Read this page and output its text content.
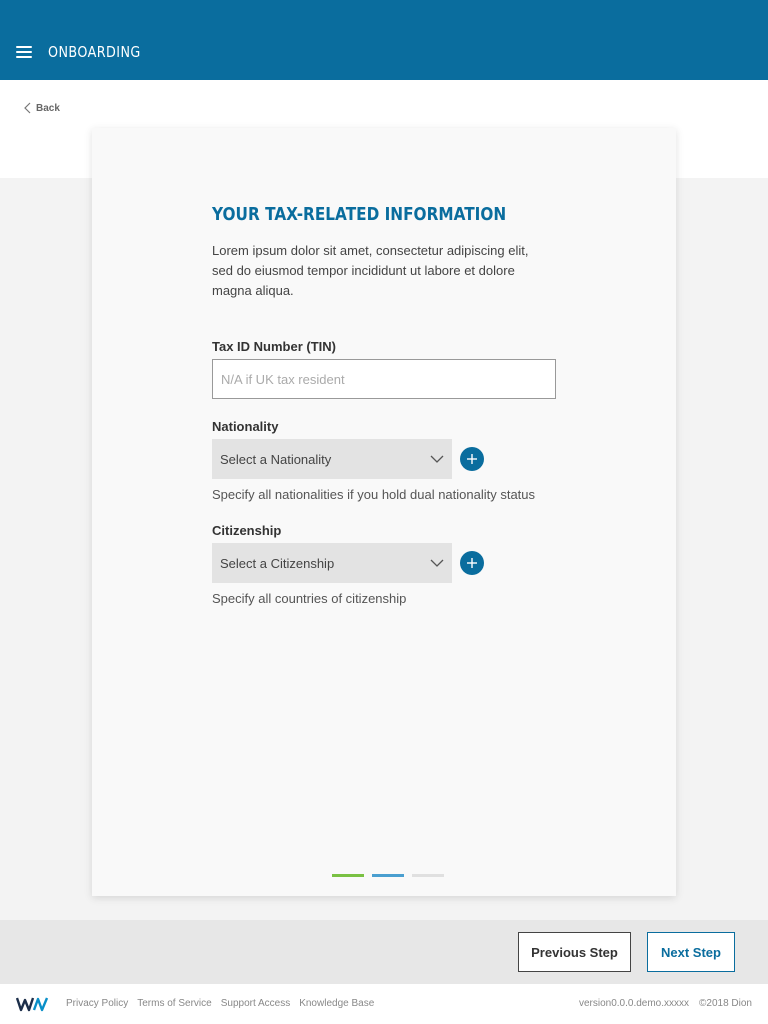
ONBOARDING
Back
YOUR TAX-RELATED INFORMATION

Lorem ipsum dolor sit amet, consectetur adipiscing elit, sed do eiusmod tempor incididunt ut labore et dolore magna aliqua.

Tax ID Number (TIN)
N/A if UK tax resident
Nationality
Select a Nationality

Specify all nationalities if you hold dual nationality status

Citizenship
Select a Citizenship

Specify all countries of citizenship

Previous Step	Next Step
Privacy Policy Terms of Service Support Access Knowledge Base	version0.0.0.demo.xxxxx ©2018 Dion
